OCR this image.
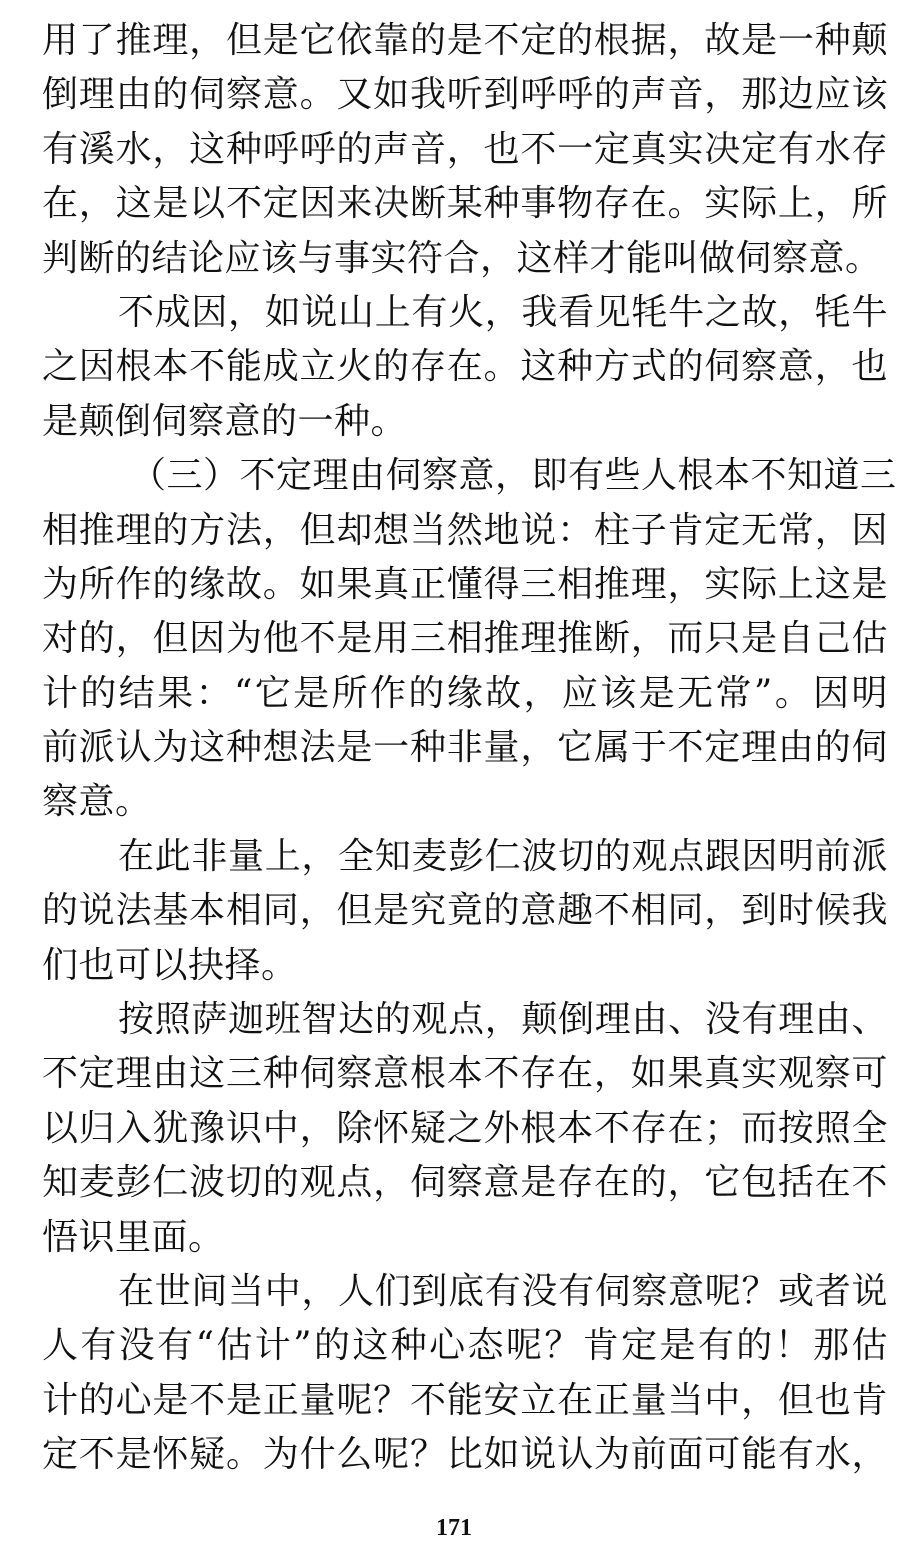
用了推理，但是它依靠的是不定的根据，故是一种颠
倒理由的伺察意。又如我听到呼呼的声音，那边应该
有溪水，这种呼呼的声音，也不一定真实决定有水存
在，这是以不定因来决断某种事物存在。实际上，所
判断的结论应该与事实符合，这样才能叫做伺察意。
不成因，如说山上有火，我看见牦牛之故，牦牛
之因根本不能成立火的存在。这种方式的伺察意，也
是颠倒伺察意的一种。
（三）不定理由伺察意，即有些人根本不知道三
相推理的方法，但却想当然地说：柱子肯定无常，因
为所作的缘故。如果真正懂得三相推理，实际上这是
对的，但因为他不是用三相推理推断，而只是自己估
计的结果：“它是所作的缘故，应该是无常”。因明
前派认为这种想法是一种非量，它属于不定理由的伺
察意。
在此非量上，全知麦彭仁波切的观点跟因明前派
的说法基本相同，但是究竟的意趣不相同，到时候我
们也可以抉择。
按照萨迦班智达的观点，颠倒理由、没有理由、
不定理由这三种伺察意根本不存在，如果真实观察可
以归入犹豫识中，除怀疑之外根本不存在；而按照全
知麦彭仁波切的观点，伺察意是存在的，它包括在不
悟识里面。
在世间当中，人们到底有没有伺察意呢？或者说
人有没有“估计”的这种心态呢？肯定是有的！那估
计的心是不是正量呢？不能安立在正量当中，但也肯
定不是怀疑。为什么呢？比如说认为前面可能有水，
171
